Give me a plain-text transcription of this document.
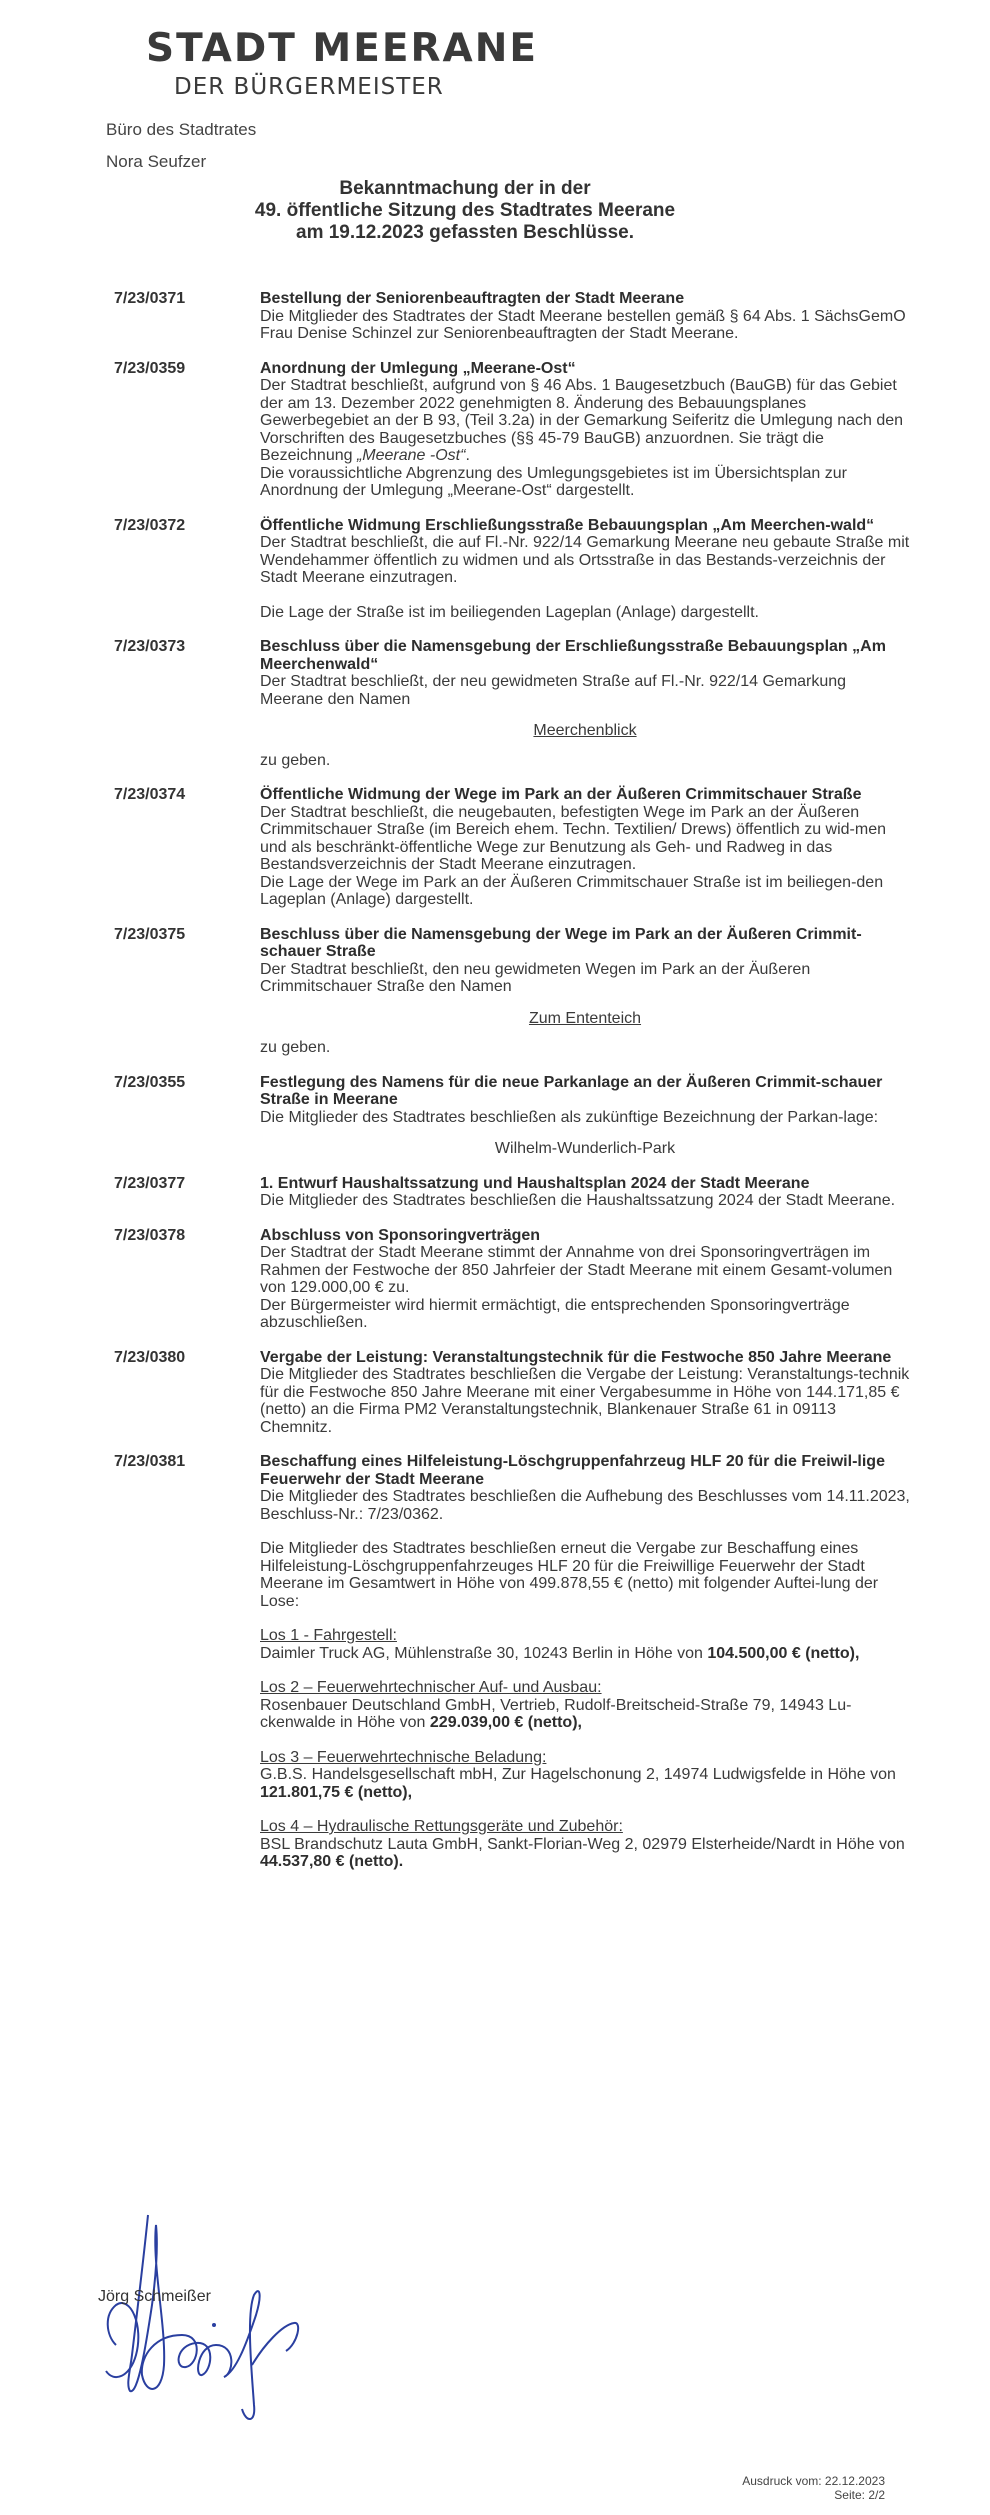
STADT MEERANE
DER BÜRGERMEISTER
Büro des Stadtrates
Nora Seufzer
Bekanntmachung der in der
49. öffentliche Sitzung des Stadtrates Meerane
am 19.12.2023 gefassten Beschlüsse.
7/23/0371	Bestellung der Seniorenbeauftragten der Stadt Meerane
Die Mitglieder des Stadtrates der Stadt Meerane bestellen gemäß § 64 Abs. 1 SächsGemO Frau Denise Schinzel zur Seniorenbeauftragten der Stadt Meerane.
7/23/0359	Anordnung der Umlegung „Meerane-Ost“
Der Stadtrat beschließt, aufgrund von § 46 Abs. 1 Baugesetzbuch (BauGB) für das Gebiet der am 13. Dezember 2022 genehmigten 8. Änderung des Bebauungsplanes Gewerbegebiet an der B 93, (Teil 3.2a) in der Gemarkung Seiferitz die Umlegung nach den Vorschriften des Baugesetzbuches (§§ 45-79 BauGB) anzuordnen. Sie trägt die Bezeichnung „Meerane -Ost“.
Die voraussichtliche Abgrenzung des Umlegungsgebietes ist im Übersichtsplan zur Anordnung der Umlegung „Meerane-Ost“ dargestellt.
7/23/0372	Öffentliche Widmung Erschließungsstraße Bebauungsplan „Am Meerchen-wald“
Der Stadtrat beschließt, die auf Fl.-Nr. 922/14 Gemarkung Meerane neu gebaute Straße mit Wendehammer öffentlich zu widmen und als Ortsstraße in das Bestands-verzeichnis der Stadt Meerane einzutragen.
Die Lage der Straße ist im beiliegenden Lageplan (Anlage) dargestellt.
7/23/0373	Beschluss über die Namensgebung der Erschließungsstraße Bebauungsplan „Am Meerchenwald“
Der Stadtrat beschließt, der neu gewidmeten Straße auf Fl.-Nr. 922/14 Gemarkung Meerane den Namen
Meerchenblick
zu geben.
7/23/0374	Öffentliche Widmung der Wege im Park an der Äußeren Crimmitschauer Straße
Der Stadtrat beschließt, die neugebauten, befestigten Wege im Park an der Äußeren Crimmitschauer Straße (im Bereich ehem. Techn. Textilien/ Drews) öffentlich zu wid-men und als beschränkt-öffentliche Wege zur Benutzung als Geh- und Radweg in das Bestandsverzeichnis der Stadt Meerane einzutragen.
Die Lage der Wege im Park an der Äußeren Crimmitschauer Straße ist im beiliegen-den Lageplan (Anlage) dargestellt.
7/23/0375	Beschluss über die Namensgebung der Wege im Park an der Äußeren Crimmit-schauer Straße
Der Stadtrat beschließt, den neu gewidmeten Wegen im Park an der Äußeren Crimmitschauer Straße den Namen
Zum Ententeich
zu geben.
7/23/0355	Festlegung des Namens für die neue Parkanlage an der Äußeren Crimmit-schauer Straße in Meerane
Die Mitglieder des Stadtrates beschließen als zukünftige Bezeichnung der Parkan-lage:
Wilhelm-Wunderlich-Park
7/23/0377	1. Entwurf Haushaltssatzung und Haushaltsplan 2024 der Stadt Meerane
Die Mitglieder des Stadtrates beschließen die Haushaltssatzung 2024 der Stadt Meerane.
7/23/0378	Abschluss von Sponsoringverträgen
Der Stadtrat der Stadt Meerane stimmt der Annahme von drei Sponsoringverträgen im Rahmen der Festwoche der 850 Jahrfeier der Stadt Meerane mit einem Gesamt-volumen von 129.000,00 € zu.
Der Bürgermeister wird hiermit ermächtigt, die entsprechenden Sponsoringverträge abzuschließen.
7/23/0380	Vergabe der Leistung: Veranstaltungstechnik für die Festwoche 850 Jahre Meerane
Die Mitglieder des Stadtrates beschließen die Vergabe der Leistung: Veranstaltungs-technik für die Festwoche 850 Jahre Meerane mit einer Vergabesumme in Höhe von 144.171,85 € (netto) an die Firma PM2 Veranstaltungstechnik, Blankenauer Straße 61 in 09113 Chemnitz.
7/23/0381	Beschaffung eines Hilfeleistung-Löschgruppenfahrzeug HLF 20 für die Freiwil-lige Feuerwehr der Stadt Meerane
Die Mitglieder des Stadtrates beschließen die Aufhebung des Beschlusses vom 14.11.2023, Beschluss-Nr.: 7/23/0362.
Die Mitglieder des Stadtrates beschließen erneut die Vergabe zur Beschaffung eines Hilfeleistung-Löschgruppenfahrzeuges HLF 20 für die Freiwillige Feuerwehr der Stadt Meerane im Gesamtwert in Höhe von 499.878,55 € (netto) mit folgender Auftei-lung der Lose:
Los 1 - Fahrgestell:
Daimler Truck AG, Mühlenstraße 30, 10243 Berlin in Höhe von 104.500,00 € (netto),
Los 2 – Feuerwehrtechnischer Auf- und Ausbau:
Rosenbauer Deutschland GmbH, Vertrieb, Rudolf-Breitscheid-Straße 79, 14943 Lu-ckenwalde in Höhe von 229.039,00 € (netto),
Los 3 – Feuerwehrtechnische Beladung:
G.B.S. Handelsgesellschaft mbH, Zur Hagelschonung 2, 14974 Ludwigsfelde in Höhe von 121.801,75 € (netto),
Los 4 – Hydraulische Rettungsgeräte und Zubehör:
BSL Brandschutz Lauta GmbH, Sankt-Florian-Weg 2, 02979 Elsterheide/Nardt in Höhe von 44.537,80 € (netto).
Jörg Schmeißer
Ausdruck vom: 22.12.2023
Seite: 2/2
